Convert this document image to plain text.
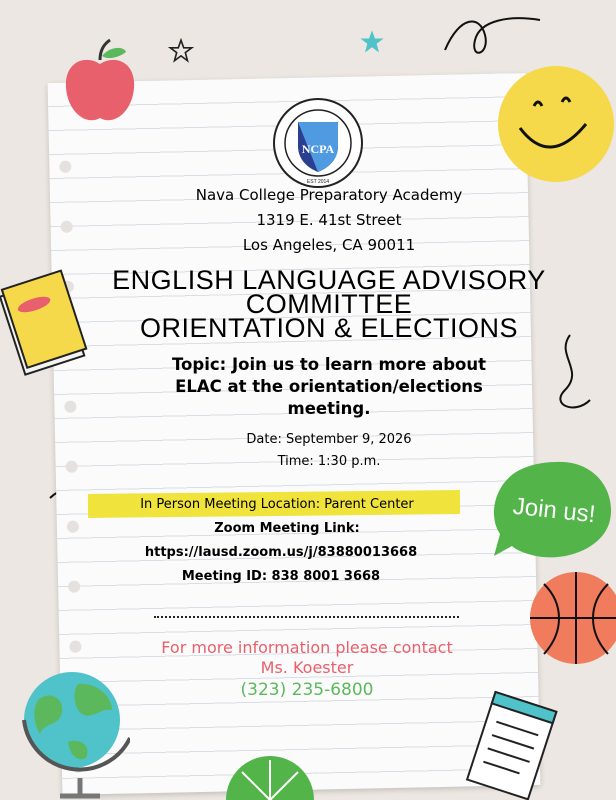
Join us!
NCPA
EST 2014
Nava College Preparatory Academy
1319 E. 41st Street
Los Angeles, CA 90011
ENGLISH LANGUAGE ADVISORY
COMMITTEE
ORIENTATION & ELECTIONS
Topic: Join us to learn more about
ELAC at the orientation/elections
meeting.
Date: September 9, 2026
Time: 1:30 p.m.
In Person Meeting Location: Parent Center
Zoom Meeting Link:
https://lausd.zoom.us/j/83880013668
Meeting ID: 838 8001 3668
For more information please contact
Ms. Koester
(323) 235-6800
